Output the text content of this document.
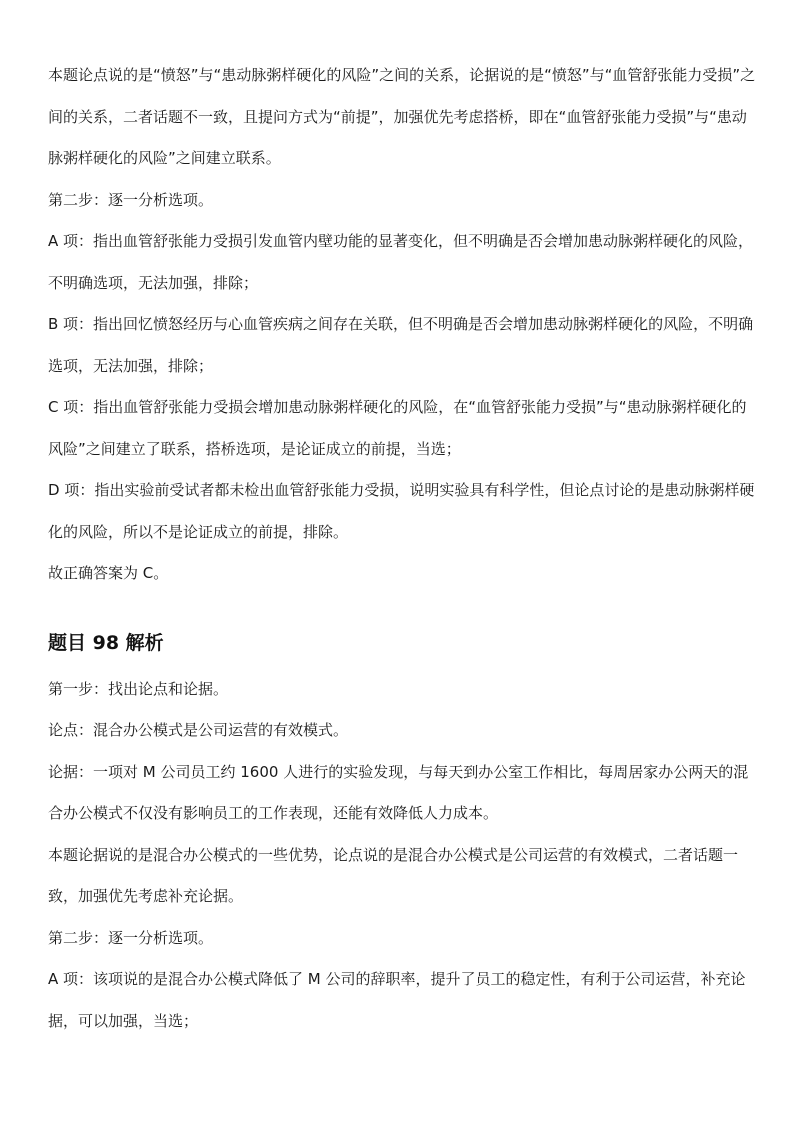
本题论点说的是“愤怒”与“患动脉粥样硬化的风险”之间的关系，论据说的是“愤怒”与“血管舒张能力受损”之间的关系，二者话题不一致，且提问方式为“前提”，加强优先考虑搭桥，即在“血管舒张能力受损”与“患动脉粥样硬化的风险”之间建立联系。

第二步：逐一分析选项。

A 项：指出血管舒张能力受损引发血管内壁功能的显著变化，但不明确是否会增加患动脉粥样硬化的风险，不明确选项，无法加强，排除；

B 项：指出回忆愤怒经历与心血管疾病之间存在关联，但不明确是否会增加患动脉粥样硬化的风险，不明确选项，无法加强，排除；

C 项：指出血管舒张能力受损会增加患动脉粥样硬化的风险，在“血管舒张能力受损”与“患动脉粥样硬化的风险”之间建立了联系，搭桥选项，是论证成立的前提，当选；

D 项：指出实验前受试者都未检出血管舒张能力受损，说明实验具有科学性，但论点讨论的是患动脉粥样硬化的风险，所以不是论证成立的前提，排除。

故正确答案为 C。

题目 98 解析

第一步：找出论点和论据。

论点：混合办公模式是公司运营的有效模式。

论据：一项对 M 公司员工约 1600 人进行的实验发现，与每天到办公室工作相比，每周居家办公两天的混合办公模式不仅没有影响员工的工作表现，还能有效降低人力成本。

本题论据说的是混合办公模式的一些优势，论点说的是混合办公模式是公司运营的有效模式，二者话题一致，加强优先考虑补充论据。

第二步：逐一分析选项。

A 项：该项说的是混合办公模式降低了 M 公司的辞职率，提升了员工的稳定性，有利于公司运营，补充论据，可以加强，当选；
